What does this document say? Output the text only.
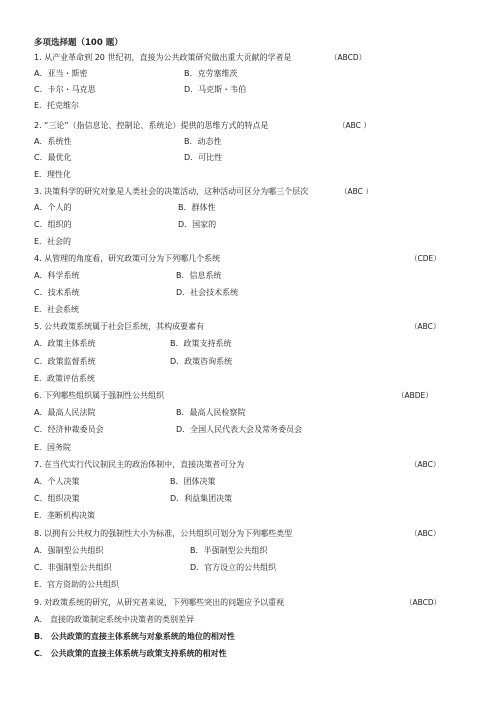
多项选择题（100 题）
1. 从产业革命到 20 世纪初，直接为公共政策研究做出重大贡献的学者是	（ABCD）
A．亚当・斯密	B．克劳塞维茨
C．卡尔・马克思	D．马克斯・韦伯
E．托克维尔
2. “三论”（指信息论、控制论、系统论）提供的思维方式的特点是	（ABC ）
A．系统性	B．动态性
C．最优化	D．可比性
E．理性化
3. 决策科学的研究对象是人类社会的决策活动，这种活动可区分为哪三个层次	（ABC ）
A．个人的	B．群体性
C．组织的	D．国家的
E．社会的
4. 从管理的角度看，研究政策可分为下列哪几个系统	（CDE）
A．科学系统	B．信息系统
C．技术系统	D．社会技术系统
E．社会系统
5. 公共政策系统属于社会巨系统，其构成要素有	（ABC）
A．政策主体系统	B．政策支持系统
C．政策监督系统	D．政策咨询系统
E．政策评估系统
6. 下列哪些组织属于强制性公共组织	（ABDE）
A．最高人民法院	B．最高人民检察院
C．经济仲裁委员会	D．全国人民代表大会及常务委员会
E．国务院
7. 在当代实行代议制民主的政治体制中，直接决策者可分为	（ABC）
A．个人决策	B．团体决策
C．组织决策	D．利益集团决策
E．垄断机构决策
8. 以拥有公共权力的强制性大小为标准，公共组织可划分为下列哪些类型	（ABC）
A．强制型公共组织	B．半强制型公共组织
C．非强制型公共组织	D．官方设立的公共组织
E．官方资助的公共组织
9. 对政策系统的研究，从研究者来说，下列哪些突出的问题应予以重视	（ABCD）
A． 直接的政策制定系统中决策者的类别差异
B． 公共政策的直接主体系统与对象系统的地位的相对性
C． 公共政策的直接主体系统与政策支持系统的相对性
